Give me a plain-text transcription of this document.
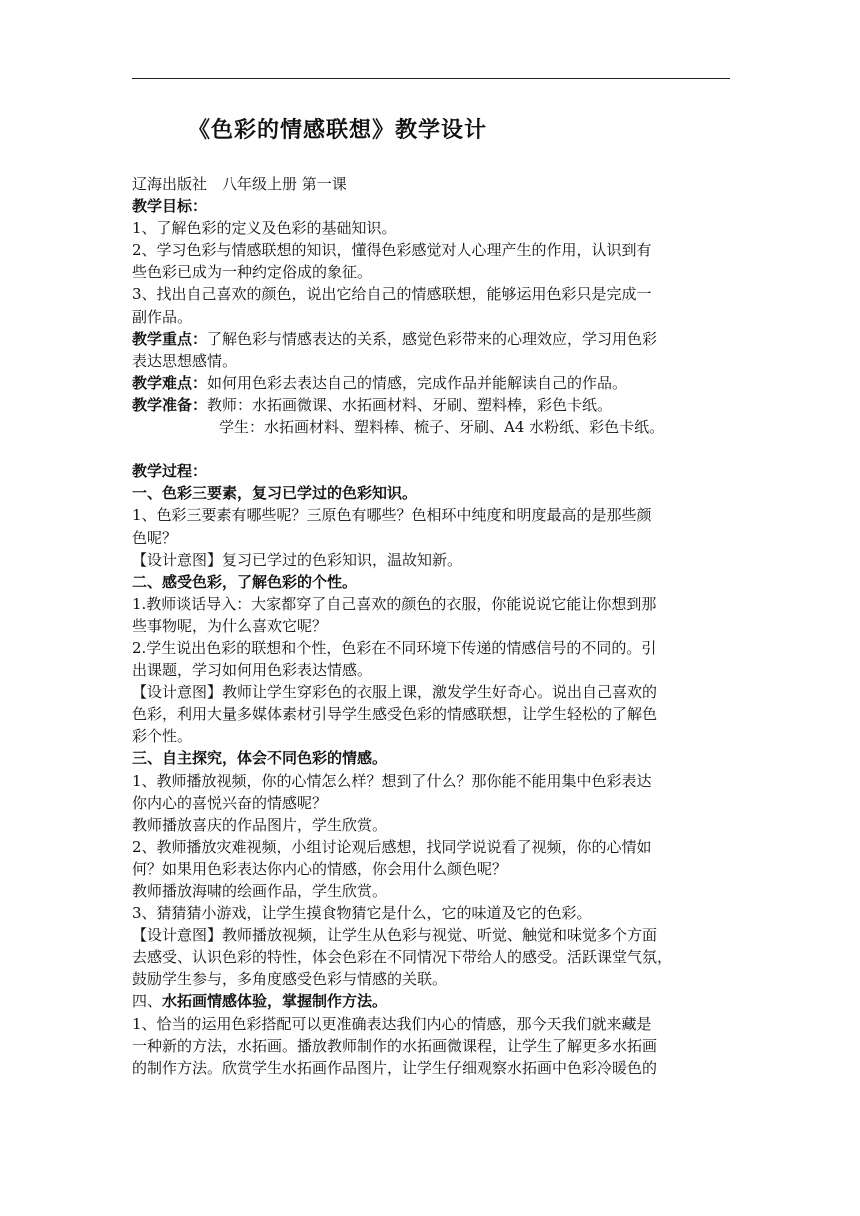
《色彩的情感联想》教学设计
辽海出版社　八年级上册 第一课
教学目标：
1、了解色彩的定义及色彩的基础知识。
2、学习色彩与情感联想的知识，懂得色彩感觉对人心理产生的作用，认识到有
些色彩已成为一种约定俗成的象征。
3、找出自己喜欢的颜色，说出它给自己的情感联想，能够运用色彩只是完成一
副作品。
教学重点：了解色彩与情感表达的关系，感觉色彩带来的心理效应，学习用色彩
表达思想感情。
教学难点：如何用色彩去表达自己的情感，完成作品并能解读自己的作品。
教学准备：教师：水拓画微课、水拓画材料、牙刷、塑料棒，彩色卡纸。
学生：水拓画材料、塑料棒、梳子、牙刷、A4 水粉纸、彩色卡纸。
教学过程：
一、色彩三要素，复习已学过的色彩知识。
1、色彩三要素有哪些呢？三原色有哪些？色相环中纯度和明度最高的是那些颜
色呢？
【设计意图】复习已学过的色彩知识，温故知新。
二、感受色彩，了解色彩的个性。
1.教师谈话导入：大家都穿了自己喜欢的颜色的衣服，你能说说它能让你想到那
些事物呢，为什么喜欢它呢？
2.学生说出色彩的联想和个性，色彩在不同环境下传递的情感信号的不同的。引
出课题，学习如何用色彩表达情感。
【设计意图】教师让学生穿彩色的衣服上课，激发学生好奇心。说出自己喜欢的
色彩，利用大量多媒体素材引导学生感受色彩的情感联想，让学生轻松的了解色
彩个性。
三、自主探究，体会不同色彩的情感。
1、教师播放视频，你的心情怎么样？想到了什么？那你能不能用集中色彩表达
你内心的喜悦兴奋的情感呢？
教师播放喜庆的作品图片，学生欣赏。
2、教师播放灾难视频，小组讨论观后感想，找同学说说看了视频，你的心情如
何？如果用色彩表达你内心的情感，你会用什么颜色呢？
教师播放海啸的绘画作品，学生欣赏。
3、猜猜猜小游戏，让学生摸食物猜它是什么，它的味道及它的色彩。
【设计意图】教师播放视频，让学生从色彩与视觉、听觉、触觉和味觉多个方面
去感受、认识色彩的特性，体会色彩在不同情况下带给人的感受。活跃课堂气氛，
鼓励学生参与，多角度感受色彩与情感的关联。
四、水拓画情感体验，掌握制作方法。
1、恰当的运用色彩搭配可以更准确表达我们内心的情感，那今天我们就来藏是
一种新的方法，水拓画。播放教师制作的水拓画微课程，让学生了解更多水拓画
的制作方法。欣赏学生水拓画作品图片，让学生仔细观察水拓画中色彩冷暖色的
